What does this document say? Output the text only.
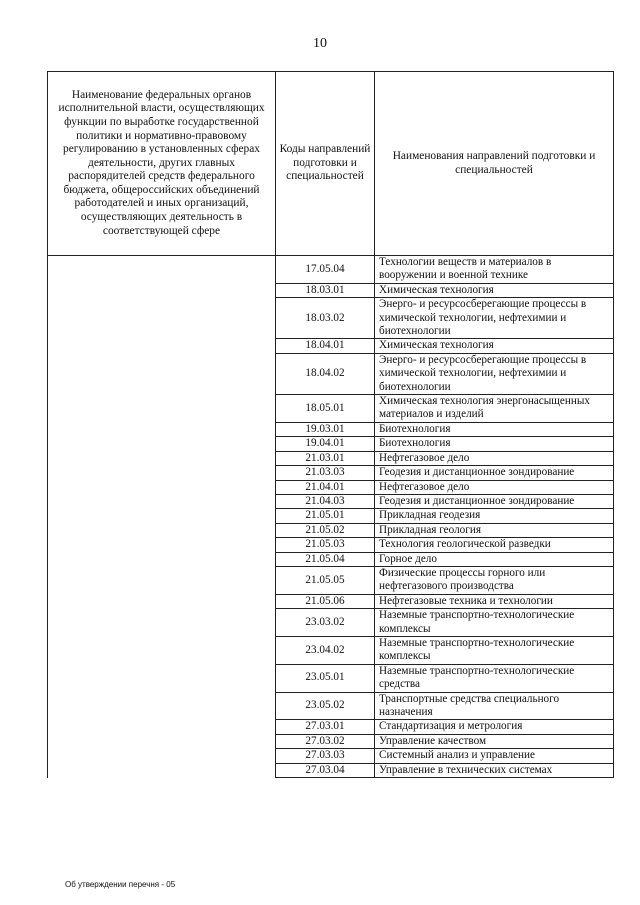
10
Наименование федеральных органов исполнительной власти, осуществляющих функции по выработке государственной политики и нормативно-правовому регулированию в установленных сферах деятельности, других главных распорядителей средств федерального бюджета, общероссийских объединений работодателей и иных организаций, осуществляющих деятельность в соответствующей сфере	Коды направлений подготовки и специальностей	Наименования направлений подготовки и специальностей
	17.05.04	Технологии веществ и материалов в вооружении и военной технике
	18.03.01	Химическая технология
	18.03.02	Энерго- и ресурсосберегающие процессы в химической технологии, нефтехимии и биотехнологии
	18.04.01	Химическая технология
	18.04.02	Энерго- и ресурсосберегающие процессы в химической технологии, нефтехимии и биотехнологии
	18.05.01	Химическая технология энергонасыщенных материалов и изделий
	19.03.01	Биотехнология
	19.04.01	Биотехнология
	21.03.01	Нефтегазовое дело
	21.03.03	Геодезия и дистанционное зондирование
	21.04.01	Нефтегазовое дело
	21.04.03	Геодезия и дистанционное зондирование
	21.05.01	Прикладная геодезия
	21.05.02	Прикладная геология
	21.05.03	Технология геологической разведки
	21.05.04	Горное дело
	21.05.05	Физические процессы горного или нефтегазового производства
	21.05.06	Нефтегазовые техника и технологии
	23.03.02	Наземные транспортно-технологические комплексы
	23.04.02	Наземные транспортно-технологические комплексы
	23.05.01	Наземные транспортно-технологические средства
	23.05.02	Транспортные средства специального назначения
	27.03.01	Стандартизация и метрология
	27.03.02	Управление качеством
	27.03.03	Системный анализ и управление
	27.03.04	Управление в технических системах
Об утверждении перечня - 05
